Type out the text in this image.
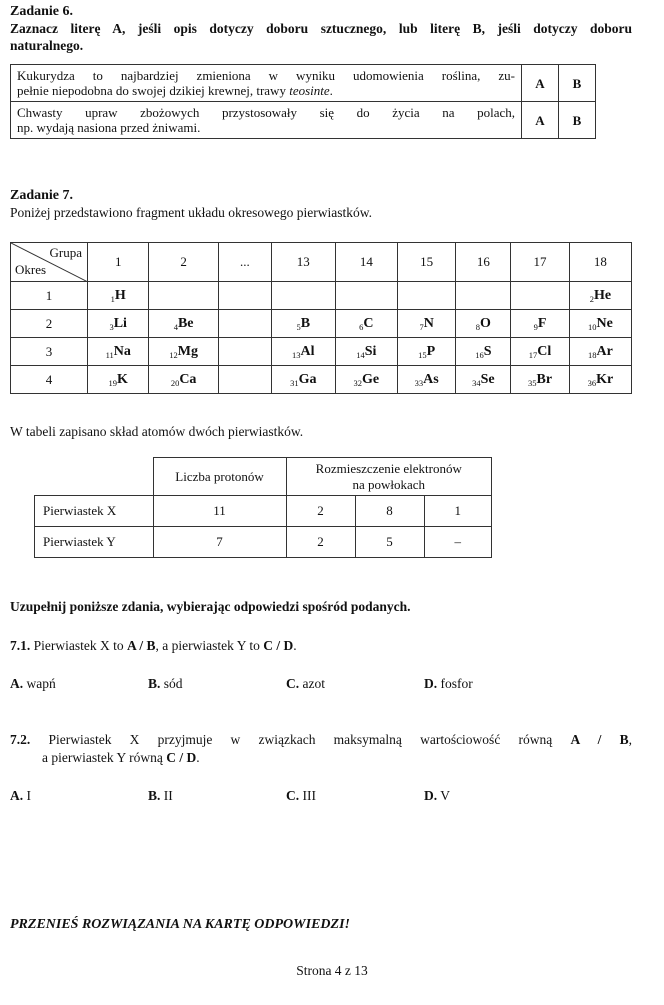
Zadanie 6.
Zaznacz literę A, jeśli opis dotyczy doboru sztucznego, lub literę B, jeśli dotyczy doboru
naturalnego.
Kukurydza to najbardziej zmieniona w wyniku udomowienia roślina, zu-
pełnie niepodobna do swojej dzikiej krewnej, trawy teosinte.	A	B

Chwasty upraw zbożowych przystosowały się do życia na polach,
np. wydają nasiona przed żniwami.	A	B
Zadanie 7.
Poniżej przedstawiono fragment układu okresowego pierwiastków.
Grupa
Okres	1	2	...	13	14	15	16	17	18
1	$_1$H								$_2$He
2	$_3$Li	$_4$Be		$_5$B	$_6$C	$_7$N	$_8$O	$_9$F	$_{10}$Ne
3	$_{11}$Na	$_{12}$Mg		$_{13}$Al	$_{14}$Si	$_{15}$P	$_{16}$S	$_{17}$Cl	$_{18}$Ar
4	$_{19}$K	$_{20}$Ca		$_{31}$Ga	$_{32}$Ge	$_{33}$As	$_{34}$Se	$_{35}$Br	$_{36}$Kr
W tabeli zapisano skład atomów dwóch pierwiastków.
	Liczba protonów	Rozmieszczenie elektronów
na powłokach		

Pierwiastek X	11	2	8	1
Pierwiastek Y	7	2	5	–
Uzupełnij poniższe zdania, wybierając odpowiedzi spośród podanych.
7.1. Pierwiastek X to A / B, a pierwiastek Y to C / D.
A. wapń	B. sód	C. azot	D. fosfor
7.2. Pierwiastek X przyjmuje w związkach maksymalną wartościowość równą A / B,
a pierwiastek Y równą C / D.
A. I	B. II	C. III	D. V
PRZENIEŚ ROZWIĄZANIA NA KARTĘ ODPOWIEDZI!
Strona 4 z 13
